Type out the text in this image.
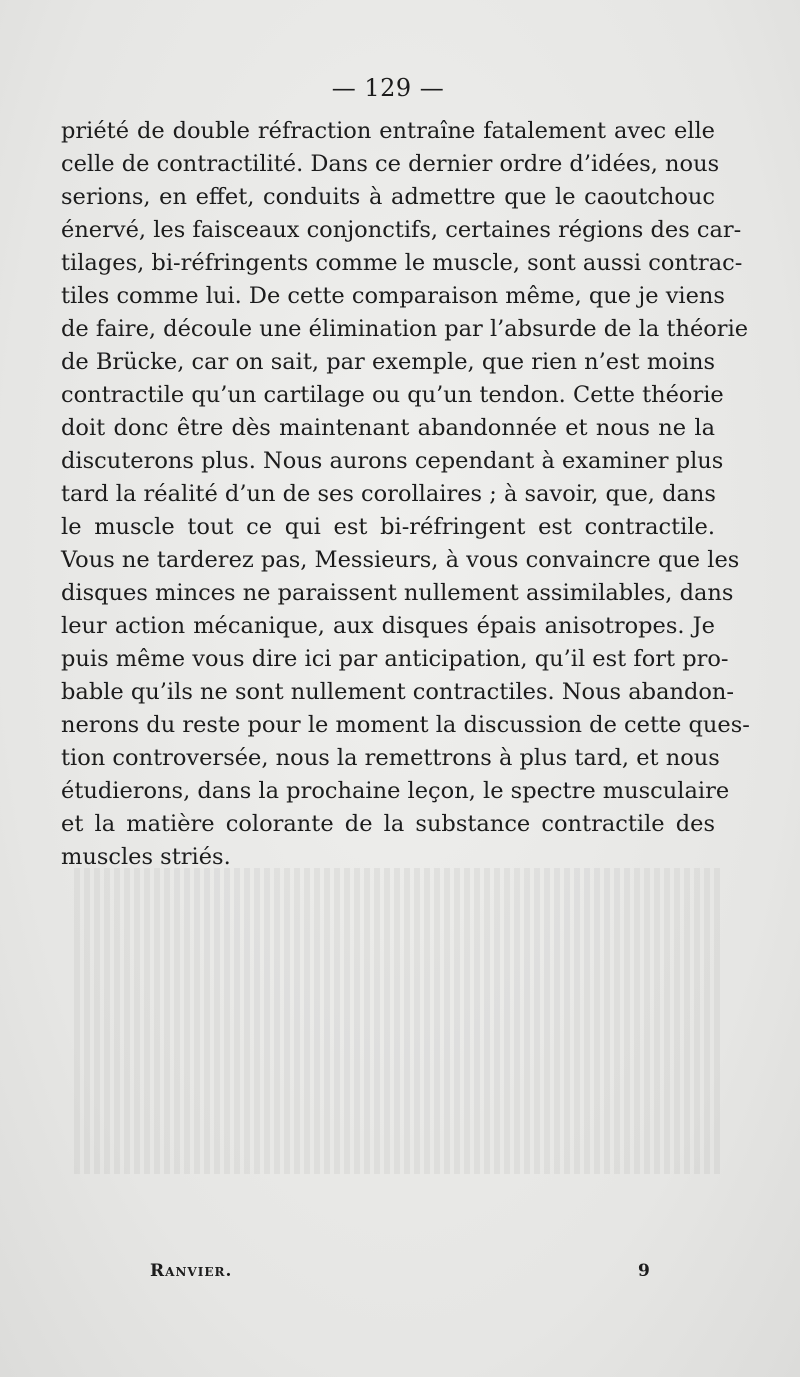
— 129 —
priété de double réfraction entraîne fatalement avec elle
celle de contractilité. Dans ce dernier ordre d’idées, nous
serions, en effet, conduits à admettre que le caoutchouc
énervé, les faisceaux conjonctifs, certaines régions des car-
tilages, bi-réfringents comme le muscle, sont aussi contrac-
tiles comme lui. De cette comparaison même, que je viens
de faire, découle une élimination par l’absurde de la théorie
de Brücke, car on sait, par exemple, que rien n’est moins
contractile qu’un cartilage ou qu’un tendon. Cette théorie
doit donc être dès maintenant abandonnée et nous ne la
discuterons plus. Nous aurons cependant à examiner plus
tard la réalité d’un de ses corollaires ; à savoir, que, dans
le muscle tout ce qui est bi-réfringent est contractile.
Vous ne tarderez pas, Messieurs, à vous convaincre que les
disques minces ne paraissent nullement assimilables, dans
leur action mécanique, aux disques épais anisotropes. Je
puis même vous dire ici par anticipation, qu’il est fort pro-
bable qu’ils ne sont nullement contractiles. Nous abandon-
nerons du reste pour le moment la discussion de cette ques-
tion controversée, nous la remettrons à plus tard, et nous
étudierons, dans la prochaine leçon, le spectre musculaire
et la matière colorante de la substance contractile des
muscles striés.
Ranvier.	9
